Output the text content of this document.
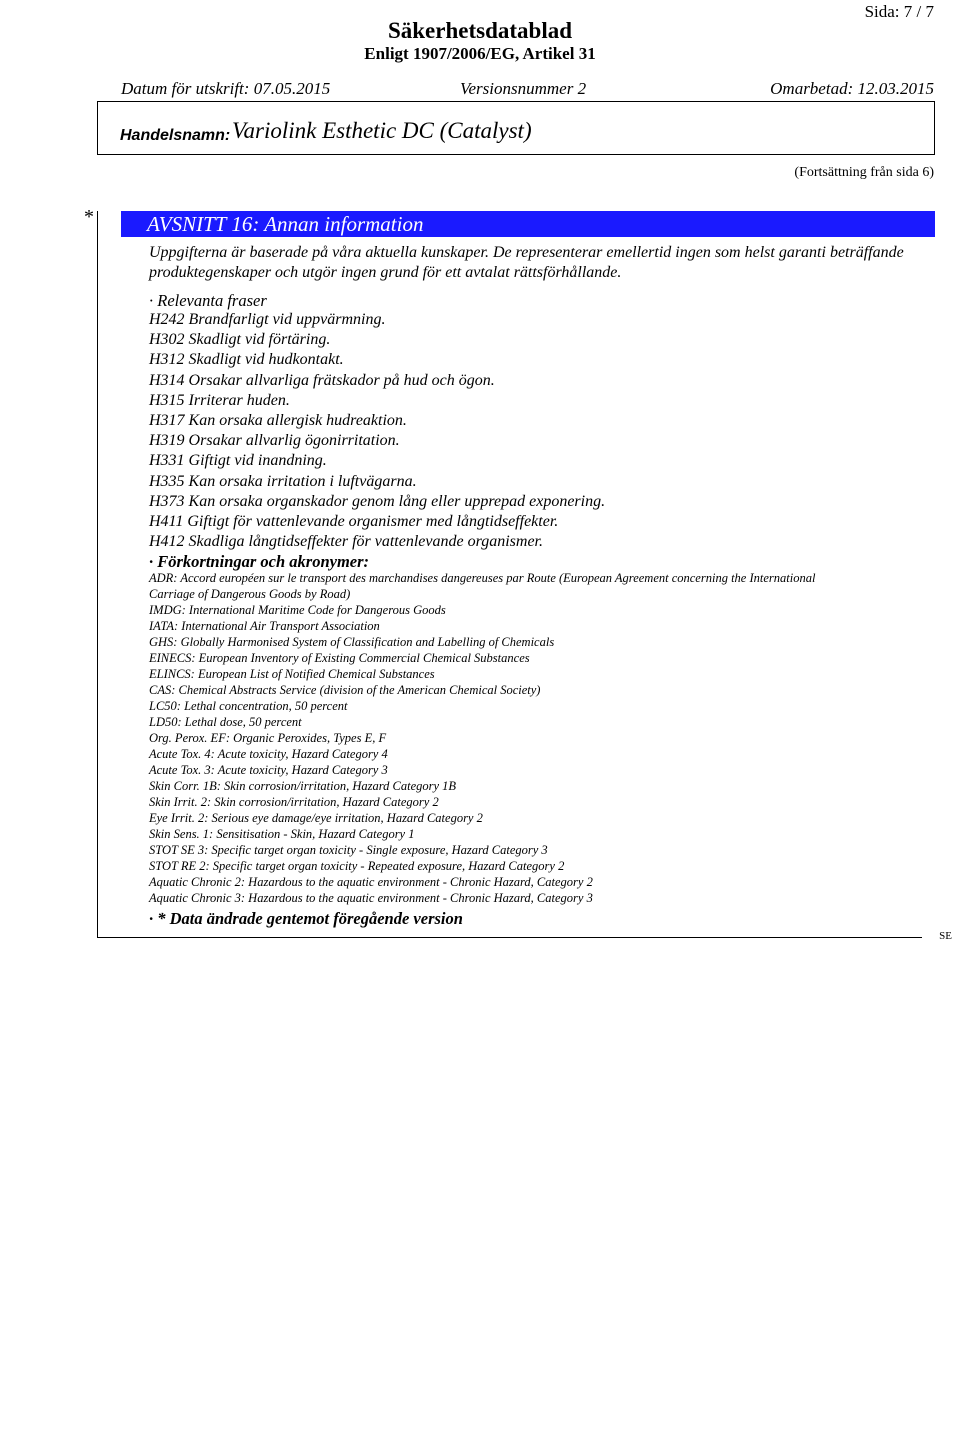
Sida: 7 / 7
Säkerhetsdatablad
Enligt 1907/2006/EG, Artikel 31
Datum för utskrift: 07.05.2015	Versionsnummer 2	Omarbetad: 12.03.2015
Handelsnamn: Variolink Esthetic DC (Catalyst)
(Fortsättning från sida 6)
*	AVSNITT 16: Annan information
Uppgifterna är baserade på våra aktuella kunskaper. De representerar emellertid ingen som helst garanti beträffande produktegenskaper och utgör ingen grund för ett avtalat rättsförhållande.
· Relevanta fraser
H242 Brandfarligt vid uppvärmning.
H302 Skadligt vid förtäring.
H312 Skadligt vid hudkontakt.
H314 Orsakar allvarliga frätskador på hud och ögon.
H315 Irriterar huden.
H317 Kan orsaka allergisk hudreaktion.
H319 Orsakar allvarlig ögonirritation.
H331 Giftigt vid inandning.
H335 Kan orsaka irritation i luftvägarna.
H373 Kan orsaka organskador genom lång eller upprepad exponering.
H411 Giftigt för vattenlevande organismer med långtidseffekter.
H412 Skadliga långtidseffekter för vattenlevande organismer.
· Förkortningar och akronymer:
ADR: Accord européen sur le transport des marchandises dangereuses par Route (European Agreement concerning the International
Carriage of Dangerous Goods by Road)
IMDG: International Maritime Code for Dangerous Goods
IATA: International Air Transport Association
GHS: Globally Harmonised System of Classification and Labelling of Chemicals
EINECS: European Inventory of Existing Commercial Chemical Substances
ELINCS: European List of Notified Chemical Substances
CAS: Chemical Abstracts Service (division of the American Chemical Society)
LC50: Lethal concentration, 50 percent
LD50: Lethal dose, 50 percent
Org. Perox. EF: Organic Peroxides, Types E, F
Acute Tox. 4: Acute toxicity, Hazard Category 4
Acute Tox. 3: Acute toxicity, Hazard Category 3
Skin Corr. 1B: Skin corrosion/irritation, Hazard Category 1B
Skin Irrit. 2: Skin corrosion/irritation, Hazard Category 2
Eye Irrit. 2: Serious eye damage/eye irritation, Hazard Category 2
Skin Sens. 1: Sensitisation - Skin, Hazard Category 1
STOT SE 3: Specific target organ toxicity - Single exposure, Hazard Category 3
STOT RE 2: Specific target organ toxicity - Repeated exposure, Hazard Category 2
Aquatic Chronic 2: Hazardous to the aquatic environment - Chronic Hazard, Category 2
Aquatic Chronic 3: Hazardous to the aquatic environment - Chronic Hazard, Category 3
· * Data ändrade gentemot föregående version
SE
